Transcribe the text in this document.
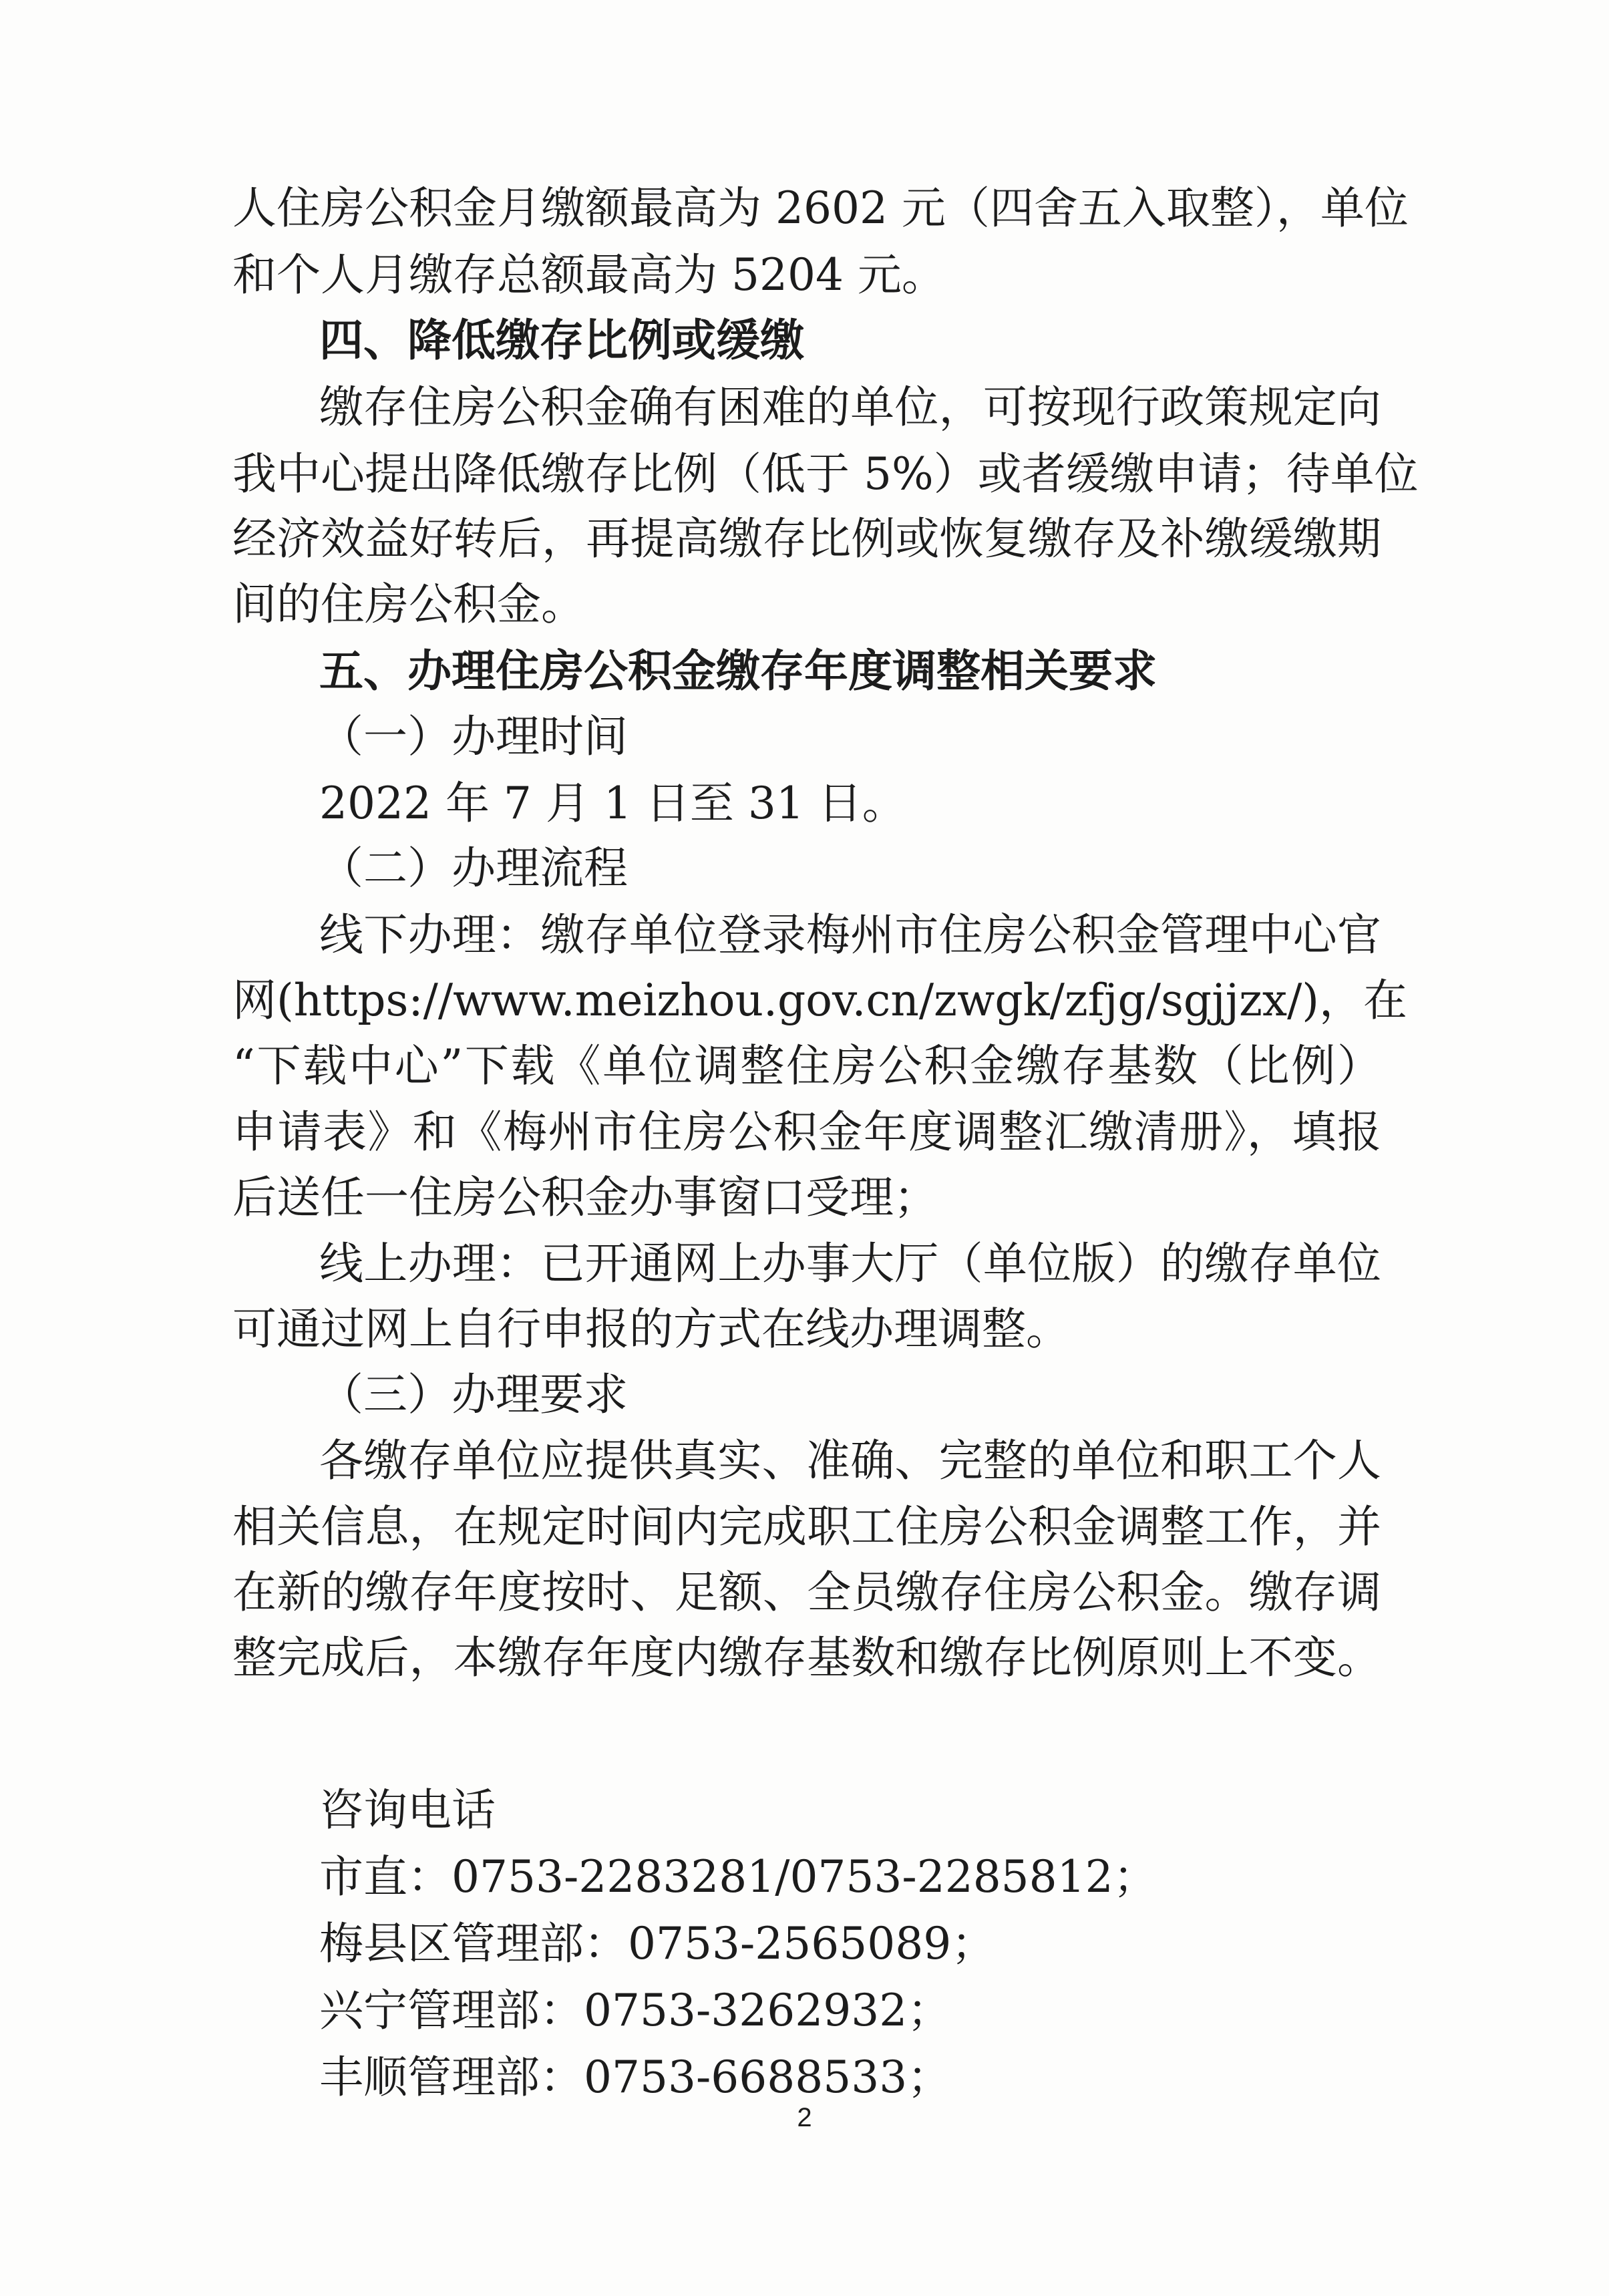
人住房公积金月缴额最高为 2602 元（四舍五入取整），单位
和个人月缴存总额最高为 5204 元。
四、降低缴存比例或缓缴
缴存住房公积金确有困难的单位，可按现行政策规定向
我中心提出降低缴存比例（低于 5%）或者缓缴申请；待单位
经济效益好转后，再提高缴存比例或恢复缴存及补缴缓缴期
间的住房公积金。
五、办理住房公积金缴存年度调整相关要求
（一）办理时间
2022 年 7 月 1 日至 31 日。
（二）办理流程
线下办理：缴存单位登录梅州市住房公积金管理中心官
网(https://www.meizhou.gov.cn/zwgk/zfjg/sgjjzx/)，在
“下载中心”下载《单位调整住房公积金缴存基数（比例）
申请表》和《梅州市住房公积金年度调整汇缴清册》，填报
后送任一住房公积金办事窗口受理；
线上办理：已开通网上办事大厅（单位版）的缴存单位
可通过网上自行申报的方式在线办理调整。
（三）办理要求
各缴存单位应提供真实、准确、完整的单位和职工个人
相关信息，在规定时间内完成职工住房公积金调整工作，并
在新的缴存年度按时、足额、全员缴存住房公积金。缴存调
整完成后，本缴存年度内缴存基数和缴存比例原则上不变。
咨询电话
市直：0753-2283281/0753-2285812；
梅县区管理部：0753-2565089；
兴宁管理部：0753-3262932；
丰顺管理部：0753-6688533；
2
